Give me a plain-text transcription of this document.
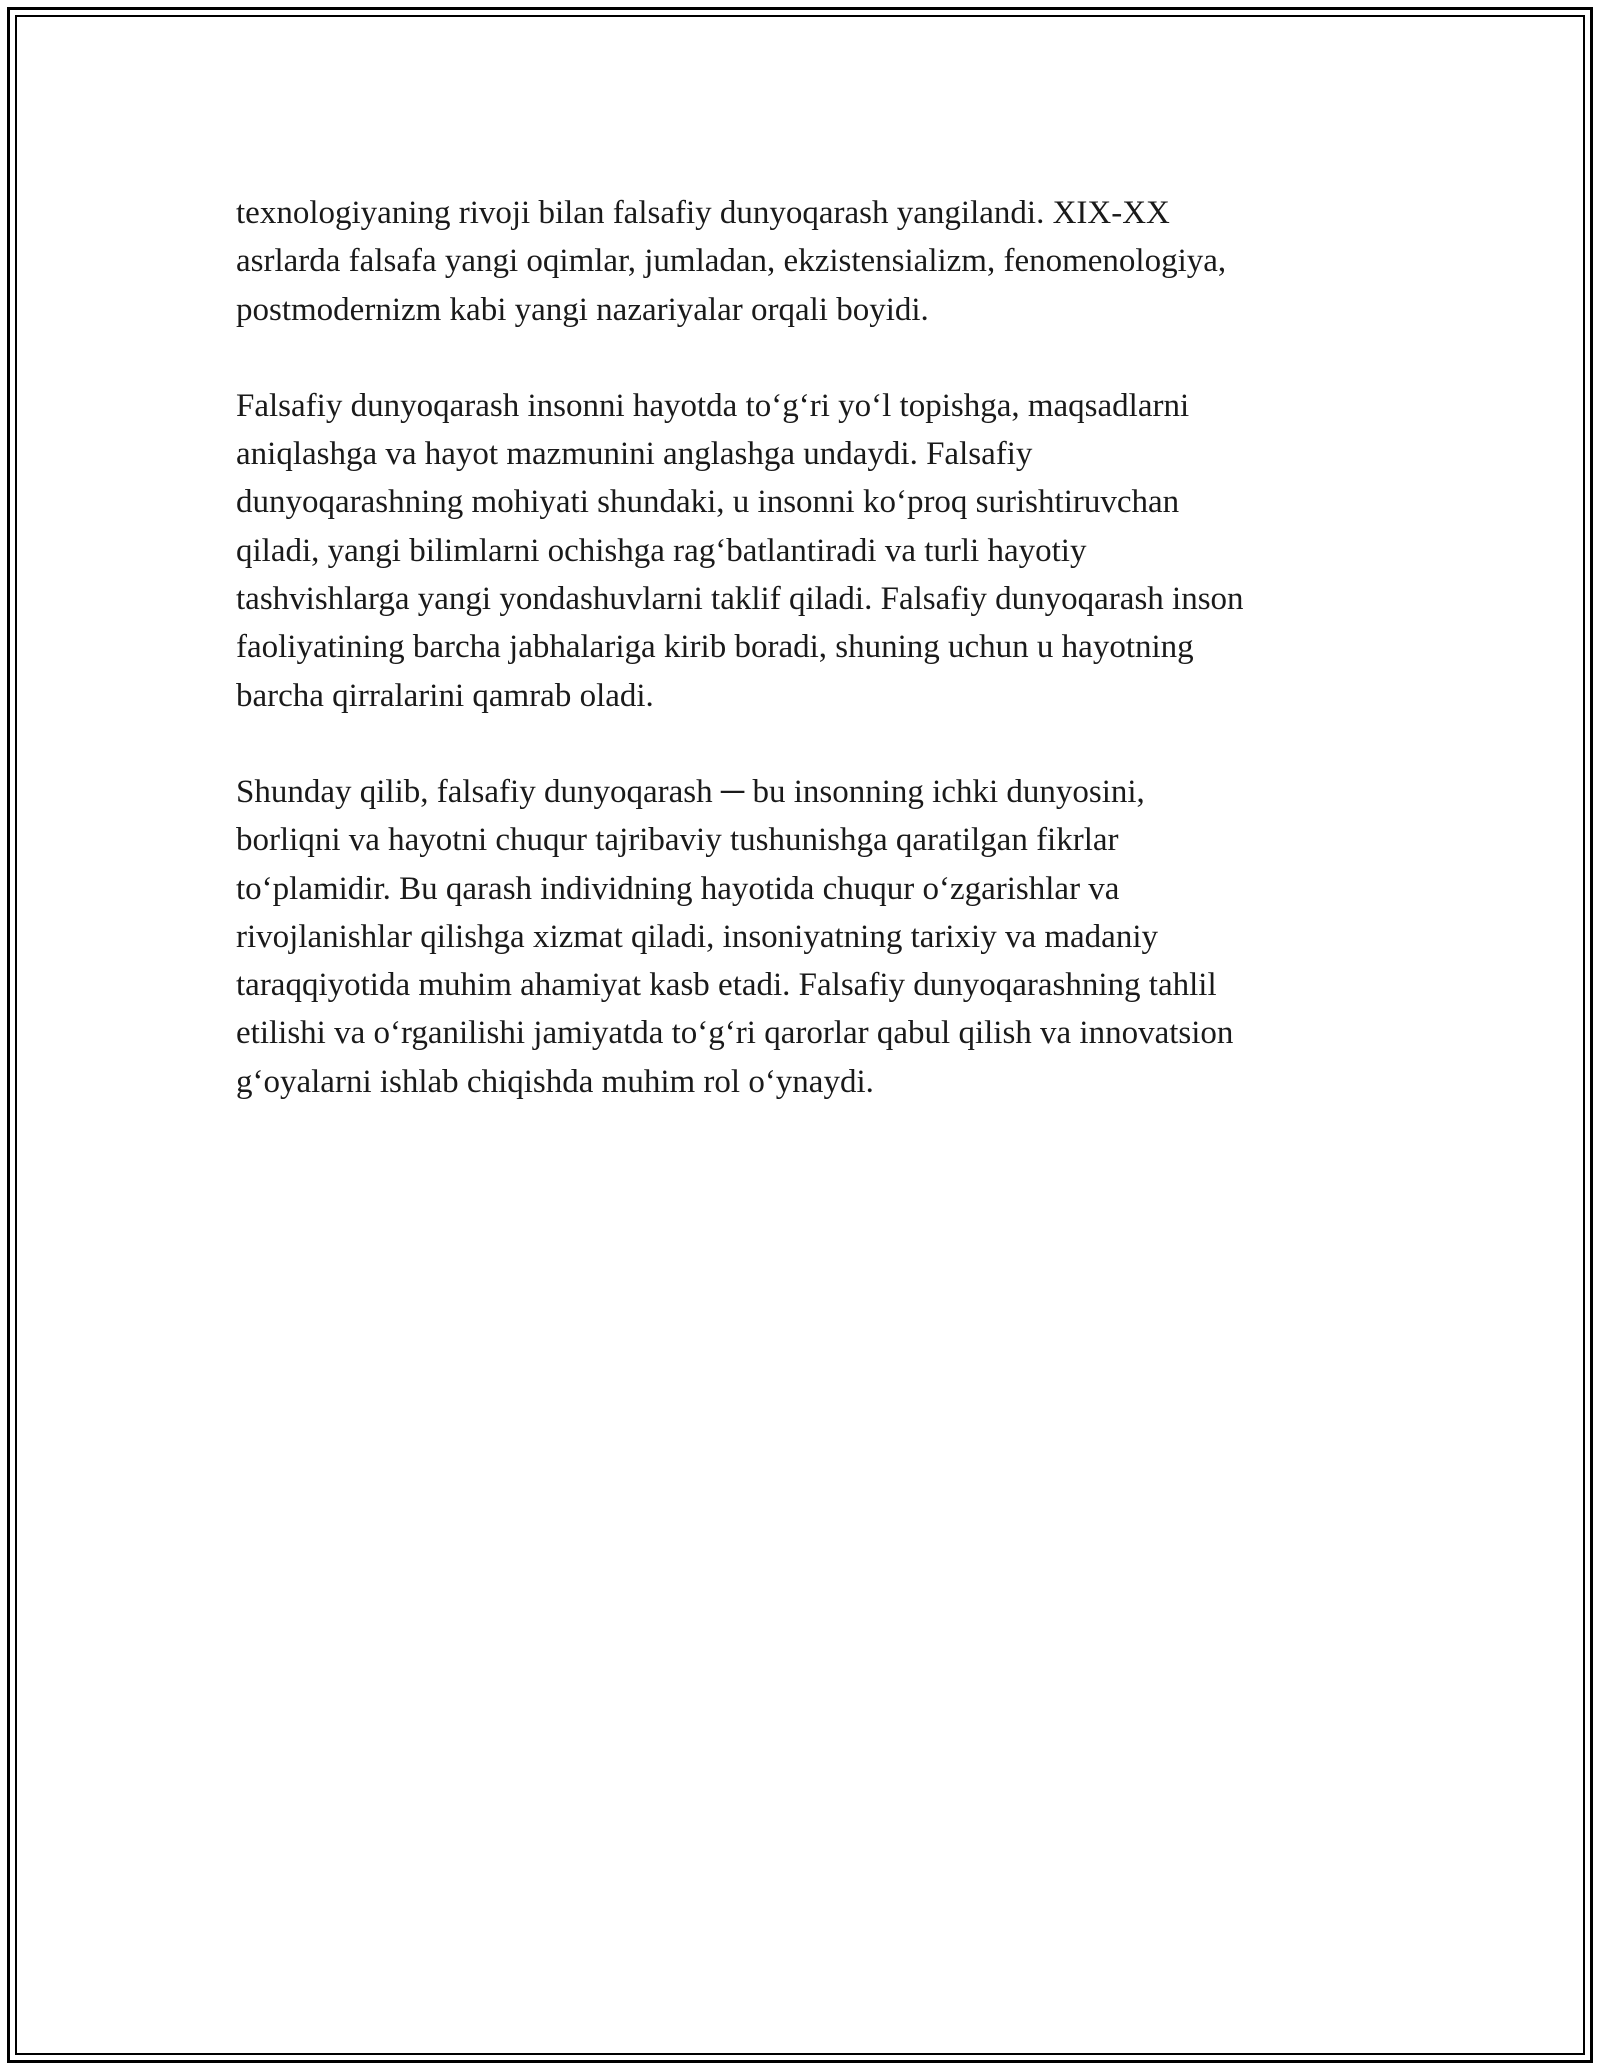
texnologiyaning rivoji bilan falsafiy dunyoqarash yangilandi. XIX-XX
asrlarda falsafa yangi oqimlar, jumladan, ekzistensializm, fenomenologiya,
postmodernizm kabi yangi nazariyalar orqali boyidi.

Falsafiy dunyoqarash insonni hayotda to‘g‘ri yo‘l topishga, maqsadlarni
aniqlashga va hayot mazmunini anglashga undaydi. Falsafiy
dunyoqarashning mohiyati shundaki, u insonni ko‘proq surishtiruvchan
qiladi, yangi bilimlarni ochishga rag‘batlantiradi va turli hayotiy
tashvishlarga yangi yondashuvlarni taklif qiladi. Falsafiy dunyoqarash inson
faoliyatining barcha jabhalariga kirib boradi, shuning uchun u hayotning
barcha qirralarini qamrab oladi.

Shunday qilib, falsafiy dunyoqarash ─ bu insonning ichki dunyosini,
borliqni va hayotni chuqur tajribaviy tushunishga qaratilgan fikrlar
to‘plamidir. Bu qarash individning hayotida chuqur o‘zgarishlar va
rivojlanishlar qilishga xizmat qiladi, insoniyatning tarixiy va madaniy
taraqqiyotida muhim ahamiyat kasb etadi. Falsafiy dunyoqarashning tahlil
etilishi va o‘rganilishi jamiyatda to‘g‘ri qarorlar qabul qilish va innovatsion
g‘oyalarni ishlab chiqishda muhim rol o‘ynaydi.
